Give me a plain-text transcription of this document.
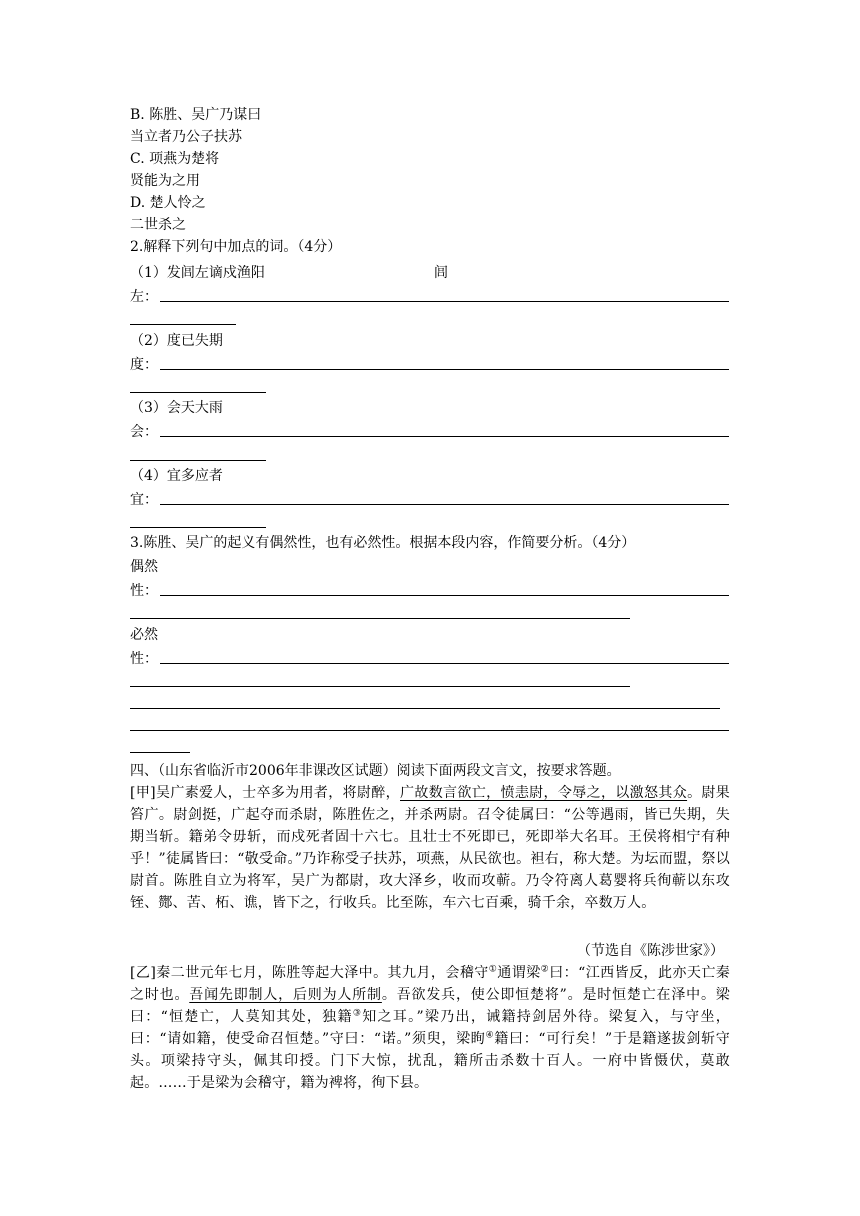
B. 陈胜、吴广乃谋曰
当立者乃公子扶苏
C. 项燕为楚将
贤能为之用
D. 楚人怜之
二世杀之
2.解释下列句中加点的词。（4分）
（1）发闾左谪戍渔阳	闾
左：
（2）度已失期
度：
（3）会天大雨
会：
（4）宜多应者
宜：
3.陈胜、吴广的起义有偶然性，也有必然性。根据本段内容，作简要分析。（4分）
偶然
性：
必然
性：
四、（山东省临沂市2006年非课改区试题）阅读下面两段文言文，按要求答题。
[甲]吴广素爱人，士卒多为用者，将尉醉，广故数言欲亡，愤恚尉，令辱之，以激怒其众。尉果笞广。尉剑挺，广起夺而杀尉，陈胜佐之，并杀两尉。召令徒属曰：“公等遇雨，皆已失期，失期当斩。籍弟令毋斩，而戍死者固十六七。且壮士不死即已，死即举大名耳。王侯将相宁有种乎！”徒属皆曰：“敬受命。”乃诈称受子扶苏，项燕，从民欲也。袒右，称大楚。为坛而盟，祭以尉首。陈胜自立为将军，吴广为都尉，攻大泽乡，收而攻蕲。乃令符离人葛婴将兵徇蕲以东攻铚、酂、苦、柘、谯，皆下之，行收兵。比至陈，车六七百乘，骑千余，卒数万人。
（节选自《陈涉世家》）
[乙]秦二世元年七月，陈胜等起大泽中。其九月，会稽守①通谓梁②曰：“江西皆反，此亦天亡秦之时也。吾闻先即制人，后则为人所制。吾欲发兵，使公即恒楚将”。是时恒楚亡在泽中。梁曰：“恒楚亡，人莫知其处，独籍③知之耳。”梁乃出，诫籍持剑居外待。梁复入，与守坐，曰：“请如籍，使受命召恒楚。”守曰：“诺。”须臾，梁眴④籍曰：“可行矣！”于是籍遂拔剑斩守头。项梁持守头，佩其印授。门下大惊，扰乱，籍所击杀数十百人。一府中皆慑伏，莫敢起。……于是梁为会稽守，籍为裨将，徇下县。
